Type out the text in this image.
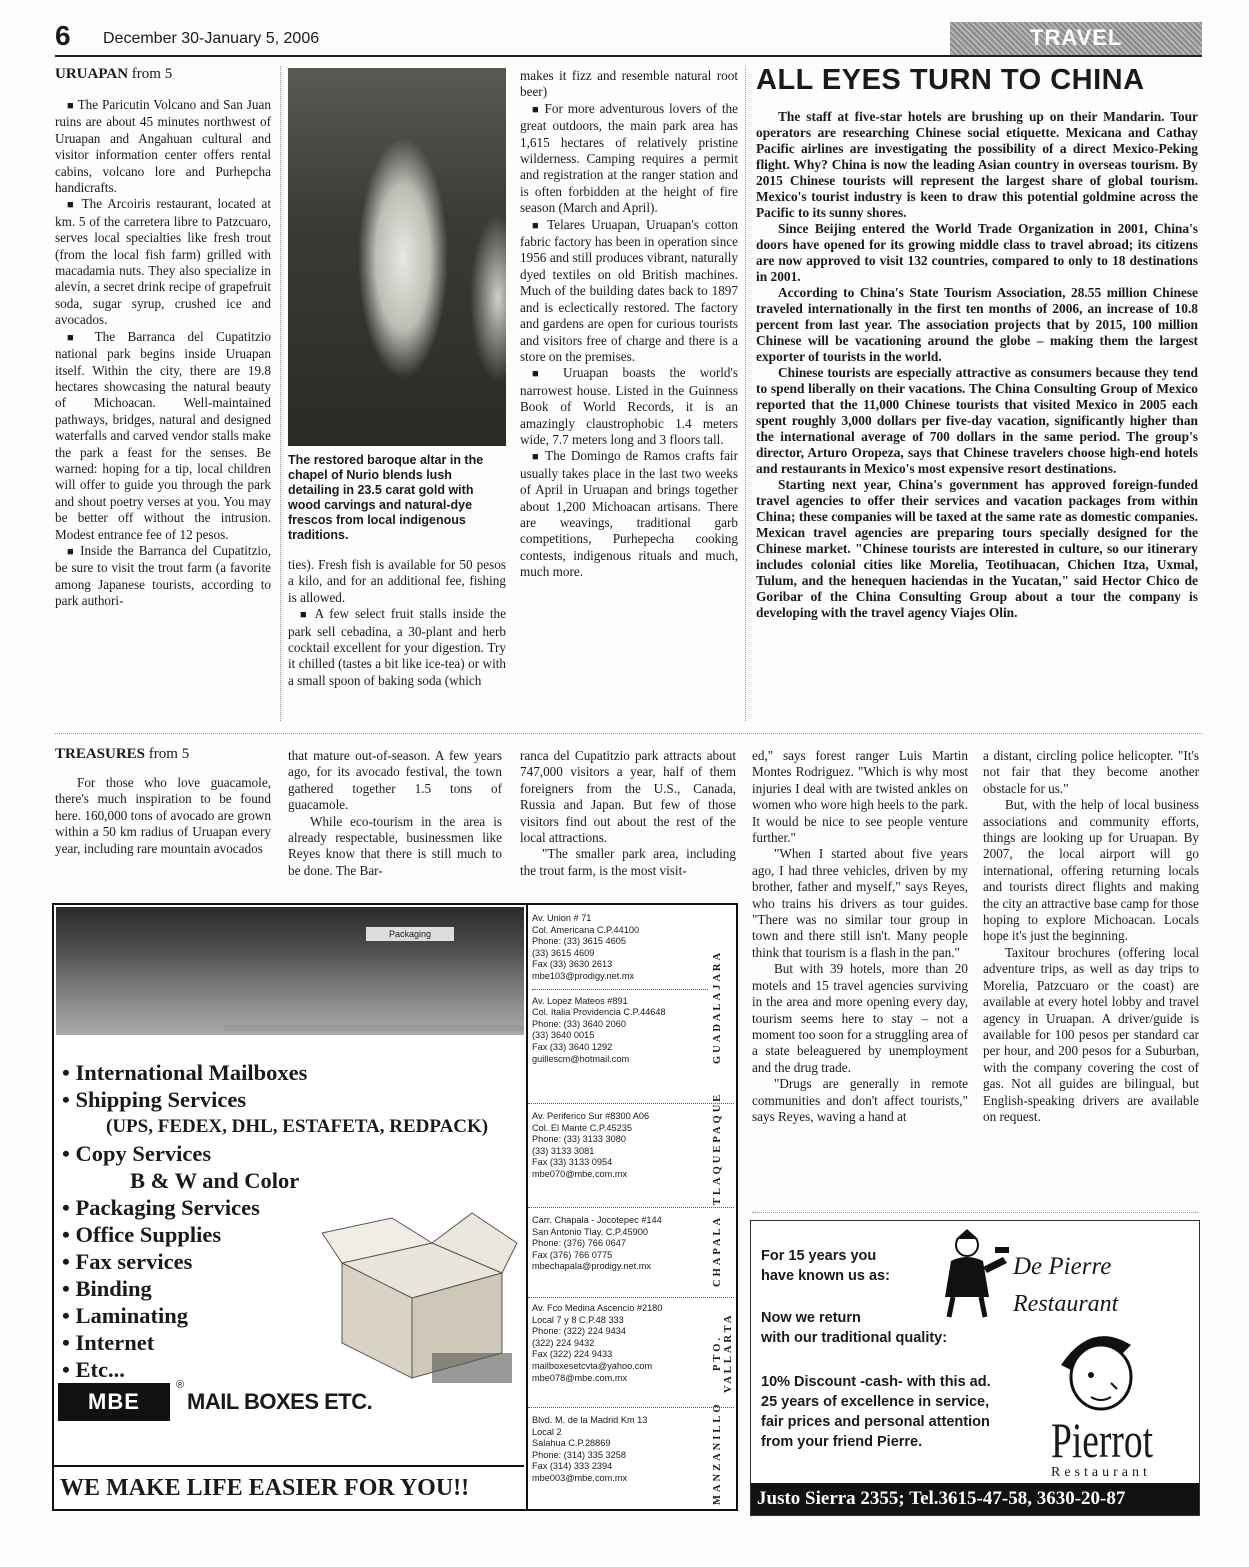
6 December 30-January 5, 2006	TRAVEL
URUAPAN from 5

■ The Paricutin Volcano and San Juan ruins are about 45 minutes northwest of Uruapan and Angahuan cultural and visitor information center offers rental cabins, volcano lore and Purhepcha handicrafts.

■ The Arcoiris restaurant, located at km. 5 of the carretera libre to Patzcuaro, serves local specialties like fresh trout (from the local fish farm) grilled with macadamia nuts. They also specialize in alevín, a secret drink recipe of grapefruit soda, sugar syrup, crushed ice and avocados.

■ The Barranca del Cupatitzio national park begins inside Uruapan itself. Within the city, there are 19.8 hectares showcasing the natural beauty of Michoacan. Well-maintained pathways, bridges, natural and designed waterfalls and carved vendor stalls make the park a feast for the senses. Be warned: hoping for a tip, local children will offer to guide you through the park and shout poetry verses at you. You may be better off without the intrusion. Modest entrance fee of 12 pesos.

■ Inside the Barranca del Cupatitzio, be sure to visit the trout farm (a favorite among Japanese tourists, according to park authori-

The restored baroque altar in the chapel of Nurio blends lush detailing in 23.5 carat gold with wood carvings and natural-dye frescos from local indigenous traditions.

ties). Fresh fish is available for 50 pesos a kilo, and for an additional fee, fishing is allowed.

■ A few select fruit stalls inside the park sell cebadina, a 30-plant and herb cocktail excellent for your digestion. Try it chilled (tastes a bit like ice-tea) or with a small spoon of baking soda (which

makes it fizz and resemble natural root beer)

■ For more adventurous lovers of the great outdoors, the main park area has 1,615 hectares of relatively pristine wilderness. Camping requires a permit and registration at the ranger station and is often forbidden at the height of fire season (March and April).

■ Telares Uruapan, Uruapan's cotton fabric factory has been in operation since 1956 and still produces vibrant, naturally dyed textiles on old British machines. Much of the building dates back to 1897 and is eclectically restored. The factory and gardens are open for curious tourists and visitors free of charge and there is a store on the premises.

■ Uruapan boasts the world's narrowest house. Listed in the Guinness Book of World Records, it is an amazingly claustrophobic 1.4 meters wide, 7.7 meters long and 3 floors tall.

■ The Domingo de Ramos crafts fair usually takes place in the last two weeks of April in Uruapan and brings together about 1,200 Michoacan artisans. There are weavings, traditional garb competitions, Purhepecha cooking contests, indigenous rituals and much, much more.

ALL EYES TURN TO CHINA

The staff at five-star hotels are brushing up on their Mandarin. Tour operators are researching Chinese social etiquette. Mexicana and Cathay Pacific airlines are investigating the possibility of a direct Mexico-Peking flight. Why? China is now the leading Asian country in overseas tourism. By 2015 Chinese tourists will represent the largest share of global tourism. Mexico's tourist industry is keen to draw this potential goldmine across the Pacific to its sunny shores.

Since Beijing entered the World Trade Organization in 2001, China's doors have opened for its growing middle class to travel abroad; its citizens are now approved to visit 132 countries, compared to only to 18 destinations in 2001.

According to China's State Tourism Association, 28.55 million Chinese traveled internationally in the first ten months of 2006, an increase of 10.8 percent from last year. The association projects that by 2015, 100 million Chinese will be vacationing around the globe – making them the largest exporter of tourists in the world.

Chinese tourists are especially attractive as consumers because they tend to spend liberally on their vacations. The China Consulting Group of Mexico reported that the 11,000 Chinese tourists that visited Mexico in 2005 each spent roughly 3,000 dollars per five-day vacation, significantly higher than the international average of 700 dollars in the same period. The group's director, Arturo Oropeza, says that Chinese travelers choose high-end hotels and restaurants in Mexico's most expensive resort destinations.

Starting next year, China's government has approved foreign-funded travel agencies to offer their services and vacation packages from within China; these companies will be taxed at the same rate as domestic companies. Mexican travel agencies are preparing tours specially designed for the Chinese market. "Chinese tourists are interested in culture, so our itinerary includes colonial cities like Morelia, Teotihuacan, Chichen Itza, Uxmal, Tulum, and the henequen haciendas in the Yucatan," said Hector Chico de Goribar of the China Consulting Group about a tour the company is developing with the travel agency Viajes Olin.

TREASURES from 5

For those who love guacamole, there's much inspiration to be found here. 160,000 tons of avocado are grown within a 50 km radius of Uruapan every year, including rare mountain avocados

that mature out-of-season. A few years ago, for its avocado festival, the town gathered together 1.5 tons of guacamole.

While eco-tourism in the area is already respectable, businessmen like Reyes know that there is still much to be done. The Bar-

ranca del Cupatitzio park attracts about 747,000 visitors a year, half of them foreigners from the U.S., Canada, Russia and Japan. But few of those visitors find out about the rest of the local attractions.

"The smaller park area, including the trout farm, is the most visit-

ed," says forest ranger Luis Martin Montes Rodriguez. "Which is why most injuries I deal with are twisted ankles on women who wore high heels to the park. It would be nice to see people venture further."

"When I started about five years ago, I had three vehicles, driven by my brother, father and myself," says Reyes, who trains his drivers as tour guides. "There was no similar tour group in town and there still isn't. Many people think that tourism is a flash in the pan."

But with 39 hotels, more than 20 motels and 15 travel agencies surviving in the area and more opening every day, tourism seems here to stay – not a moment too soon for a struggling area of a state beleaguered by unemployment and the drug trade.

"Drugs are generally in remote communities and don't affect tourists," says Reyes, waving a hand at

a distant, circling police helicopter. "It's not fair that they become another obstacle for us."

But, with the help of local business associations and community efforts, things are looking up for Uruapan. By 2007, the local airport will go international, offering returning locals and tourists direct flights and making the city an attractive base camp for those hoping to explore Michoacan. Locals hope it's just the beginning.

Taxitour brochures (offering local adventure trips, as well as day trips to Morelia, Patzcuaro or the coast) are available at every hotel lobby and travel agency in Uruapan. A driver/guide is available for 100 pesos per standard car per hour, and 200 pesos for a Suburban, with the company covering the cost of gas. Not all guides are bilingual, but English-speaking drivers are available on request.

Packaging
• International Mailboxes
• Shipping Services
(UPS, FEDEX, DHL, ESTAFETA, REDPACK)
• Copy Services
B & W and Color
• Packaging Services
• Office Supplies
• Fax services
• Binding
• Laminating
• Internet
• Etc...
MBE
®
MAIL BOXES ETC.
WE MAKE LIFE EASIER FOR YOU!!
Av. Union # 71
Col. Americana C.P.44100
Phone: (33) 3615 4605
(33) 3615 4609
Fax (33) 3630 2613
mbe103@prodigy.net.mx
Av. Lopez Mateos #891
Col. Italia Providencia C.P.44648
Phone: (33) 3640 2060
(33) 3640 0015
Fax (33) 3640 1292
guillescm@hotmail.com	GUADALAJARA
Av. Periferico Sur #8300 A06
Col. El Mante C.P.45235
Phone: (33) 3133 3080
(33) 3133 3081
Fax (33) 3133 0954
mbe070@mbe.com.mx	TLAQUEPAQUE
Carr. Chapala - Jocotepec #144
San Antonio Tlay. C.P.45900
Phone: (376) 766 0647
Fax (376) 766 0775
mbechapala@prodigy.net.mx	CHAPALA
Av. Fco Medina Ascencio #2180
Local 7 y 8 C.P.48 333
Phone: (322) 224 9434
(322) 224 9432
Fax (322) 224 9433
mailboxesetcvta@yahoo.com
mbe078@mbe.com.mx
PTO. VALLARTA
Blvd. M. de la Madrid Km 13
Local 2
Salahua C.P.28869
Phone: (314) 335 3258
Fax (314) 333 2394
mbe003@mbe.com.mx	MANZANILLO
For 15 years you
have known us as:
Now we return
with our traditional quality:
10% Discount -cash- with this ad.
25 years of excellence in service,
fair prices and personal attention
from your friend Pierre.
De Pierre
Restaurant
Pierrot
Restaurant
Justo Sierra 2355; Tel.3615-47-58, 3630-20-87
